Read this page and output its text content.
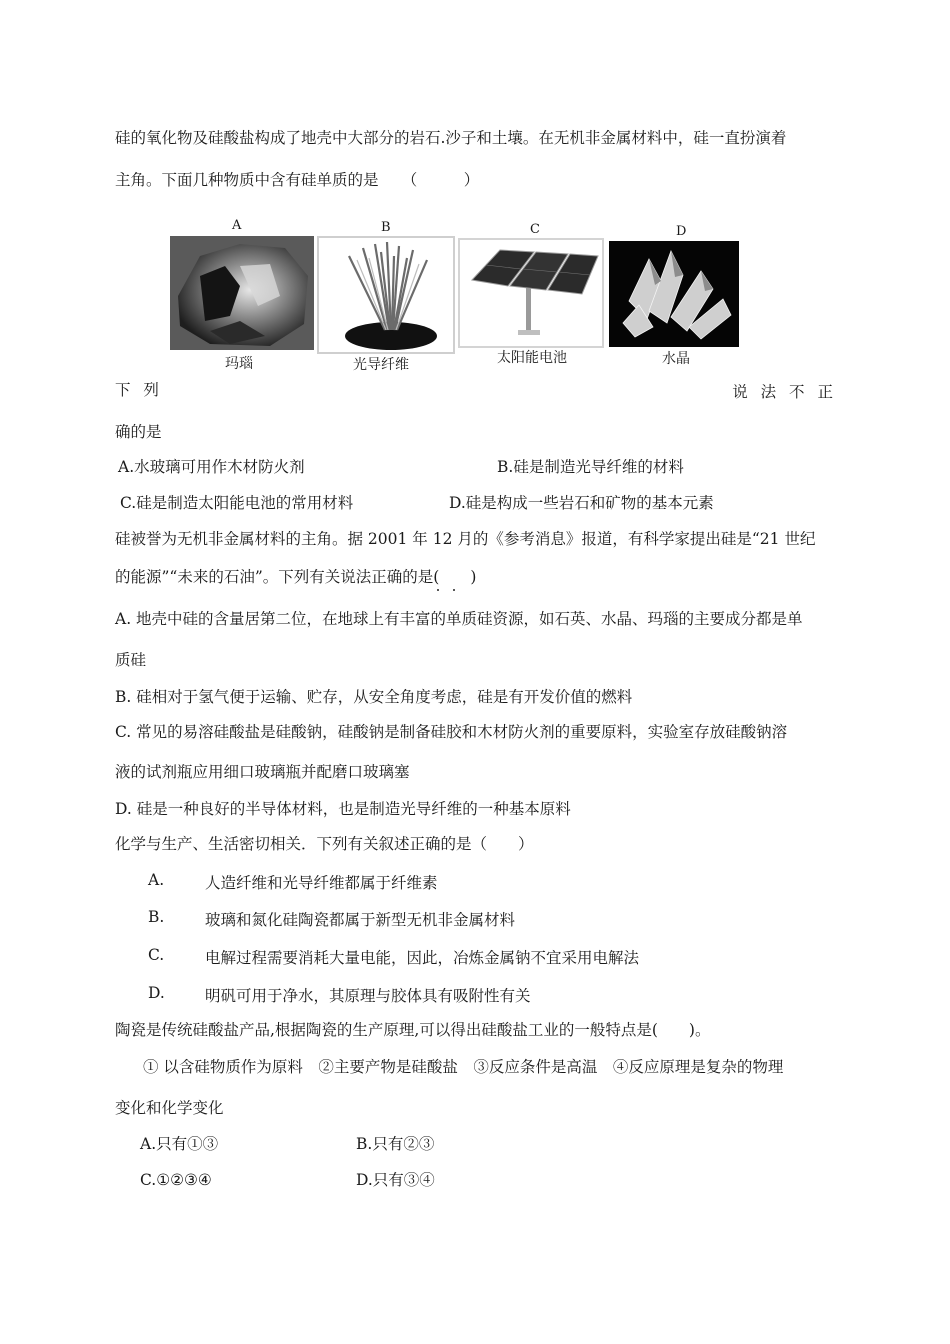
硅的氧化物及硅酸盐构成了地壳中大部分的岩石.沙子和土壤。在无机非金属材料中，硅一直扮演着
主角。下面几种物质中含有硅单质的是　　（　　　）
A	B	C	D
玛瑙	光导纤维	太阳能电池	水晶
下 列	说 法 不 正
确的是
A.水玻璃可用作木材防火剂	B.硅是制造光导纤维的材料
C.硅是制造太阳能电池的常用材料	D.硅是构成一些岩石和矿物的基本元素
硅被誉为无机非金属材料的主角。据 2001 年 12 月的《参考消息》报道，有科学家提出硅是“21 世纪
的能源”“未来的石油”。下列有关说法正确的是(　　)
A. 地壳中硅的含量居第二位，在地球上有丰富的单质硅资源，如石英、水晶、玛瑙的主要成分都是单
质硅
B. 硅相对于氢气便于运输、贮存，从安全角度考虑，硅是有开发价值的燃料
C. 常见的易溶硅酸盐是硅酸钠，硅酸钠是制备硅胶和木材防火剂的重要原料，实验室存放硅酸钠溶
液的试剂瓶应用细口玻璃瓶并配磨口玻璃塞
D. 硅是一种良好的半导体材料，也是制造光导纤维的一种基本原料
化学与生产、生活密切相关．下列有关叙述正确的是（　　）
A.	人造纤维和光导纤维都属于纤维素
B.	玻璃和氮化硅陶瓷都属于新型无机非金属材料
C.	电解过程需要消耗大量电能，因此，冶炼金属钠不宜采用电解法
D.	明矾可用于净水，其原理与胶体具有吸附性有关
陶瓷是传统硅酸盐产品,根据陶瓷的生产原理,可以得出硅酸盐工业的一般特点是(　　)。
① 以含硅物质作为原料　②主要产物是硅酸盐　③反应条件是高温　④反应原理是复杂的物理
变化和化学变化
A.只有①③	B.只有②③
C.①②③④	D.只有③④
